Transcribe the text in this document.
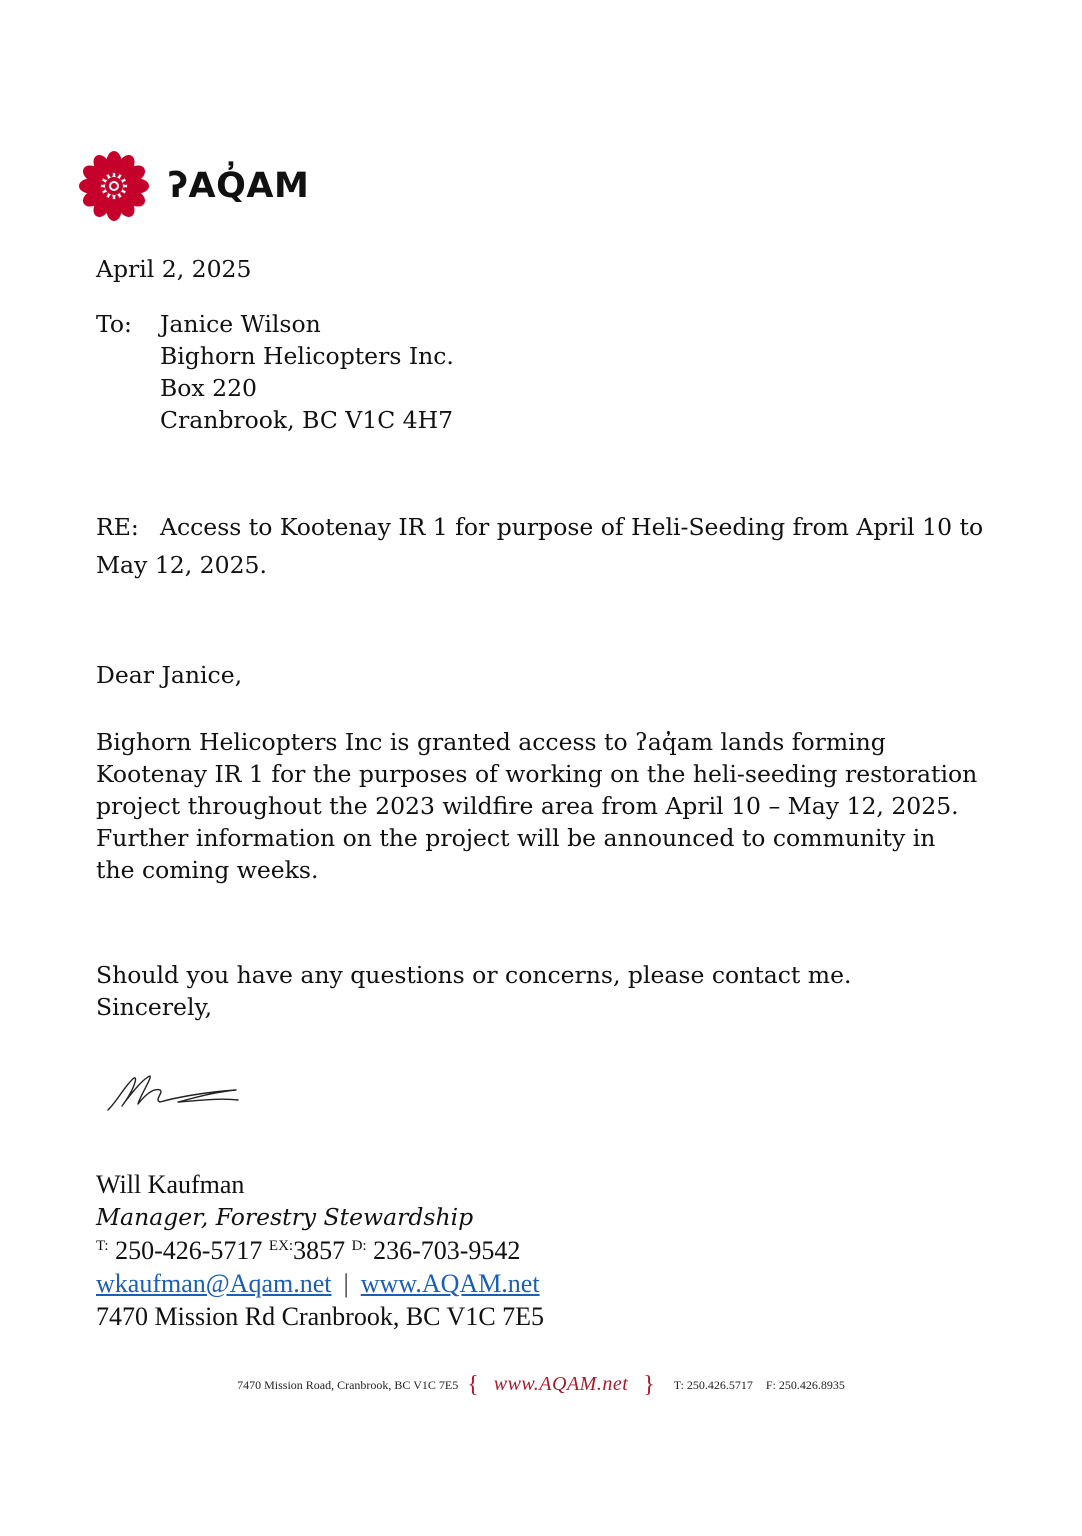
ʔAQ̓AM
April 2, 2025
To: Janice Wilson
Bighorn Helicopters Inc.
Box 220
Cranbrook, BC V1C 4H7
RE: Access to Kootenay IR 1 for purpose of Heli-Seeding from April 10 to May 12, 2025.
Dear Janice,
Bighorn Helicopters Inc is granted access to ʔaq̓am lands forming
Kootenay IR 1 for the purposes of working on the heli-seeding restoration
project throughout the 2023 wildfire area from April 10 – May 12, 2025.
Further information on the project will be announced to community in
the coming weeks.
Should you have any questions or concerns, please contact me.
Sincerely,
Will Kaufman
Manager, Forestry Stewardship
$^{T:}$ 250-426-5717 $^{EX:}$3857 $^{D:}$ 236-703-9542
wkaufman@Aqam.net | www.AQAM.net
7470 Mission Rd Cranbrook, BC V1C 7E5
7470 Mission Road, Cranbrook, BC V1C 7E5 { www.AQAM.net } T: 250.426.5717 F: 250.426.8935
